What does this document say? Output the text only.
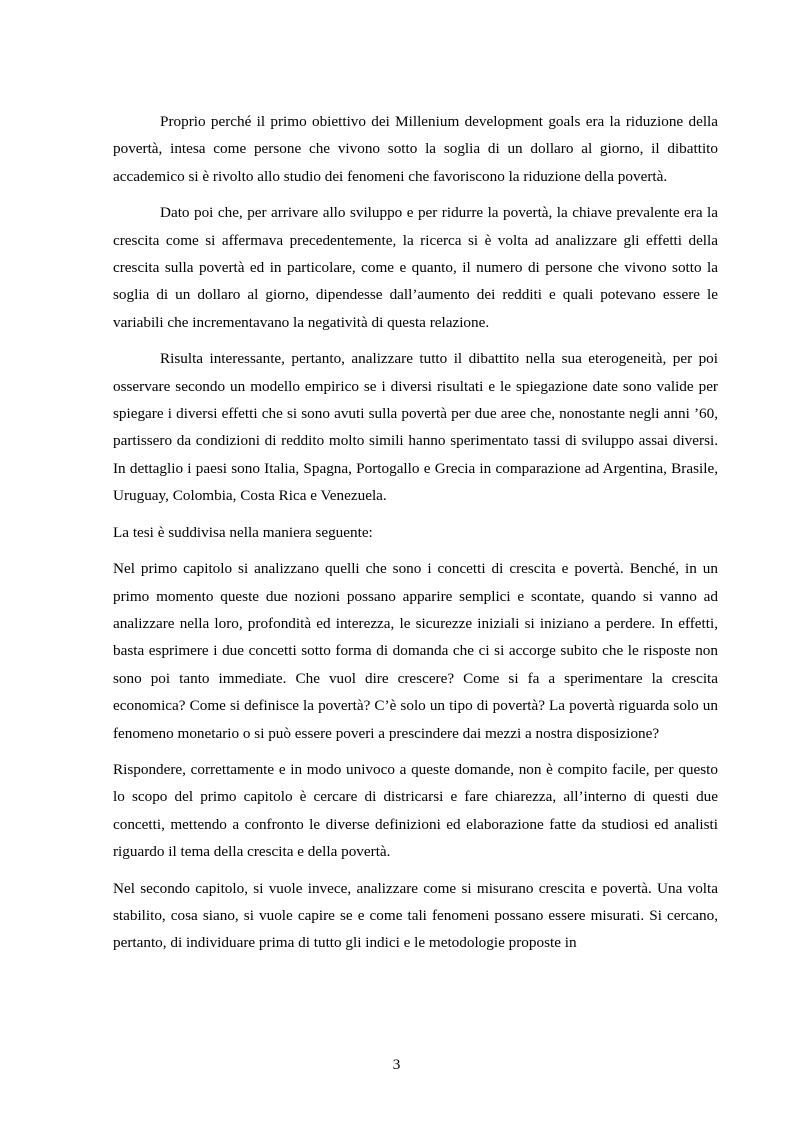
Proprio perché il primo obiettivo dei Millenium development goals era la riduzione della povertà, intesa come persone che vivono sotto la soglia di un dollaro al giorno, il dibattito accademico si è rivolto allo studio dei fenomeni che favoriscono la riduzione della povertà.

Dato poi che, per arrivare allo sviluppo e per ridurre la povertà, la chiave prevalente era la crescita come si affermava precedentemente, la ricerca si è volta ad analizzare gli effetti della crescita sulla povertà ed in particolare, come e quanto, il numero di persone che vivono sotto la soglia di un dollaro al giorno, dipendesse dall’aumento dei redditi e quali potevano essere le variabili che incrementavano la negatività di questa relazione.

Risulta interessante, pertanto, analizzare tutto il dibattito nella sua eterogeneità, per poi osservare secondo un modello empirico se i diversi risultati e le spiegazione date sono valide per spiegare i diversi effetti che si sono avuti sulla povertà per due aree che, nonostante negli anni ’60, partissero da condizioni di reddito molto simili hanno sperimentato tassi di sviluppo assai diversi. In dettaglio i paesi sono Italia, Spagna, Portogallo e Grecia in comparazione ad Argentina, Brasile, Uruguay, Colombia, Costa Rica e Venezuela.

La tesi è suddivisa nella maniera seguente:

Nel primo capitolo si analizzano quelli che sono i concetti di crescita e povertà. Benché, in un primo momento queste due nozioni possano apparire semplici e scontate, quando si vanno ad analizzare nella loro, profondità ed interezza, le sicurezze iniziali si iniziano a perdere. In effetti, basta esprimere i due concetti sotto forma di domanda che ci si accorge subito che le risposte non sono poi tanto immediate. Che vuol dire crescere? Come si fa a sperimentare la crescita economica? Come si definisce la povertà? C’è solo un tipo di povertà? La povertà riguarda solo un fenomeno monetario o si può essere poveri a prescindere dai mezzi a nostra disposizione?

Rispondere, correttamente e in modo univoco a queste domande, non è compito facile, per questo lo scopo del primo capitolo è cercare di districarsi e fare chiarezza, all’interno di questi due concetti, mettendo a confronto le diverse definizioni ed elaborazione fatte da studiosi ed analisti riguardo il tema della crescita e della povertà.

Nel secondo capitolo, si vuole invece, analizzare come si misurano crescita e povertà. Una volta stabilito, cosa siano, si vuole capire se e come tali fenomeni possano essere misurati. Si cercano, pertanto, di individuare prima di tutto gli indici e le metodologie proposte in

3
